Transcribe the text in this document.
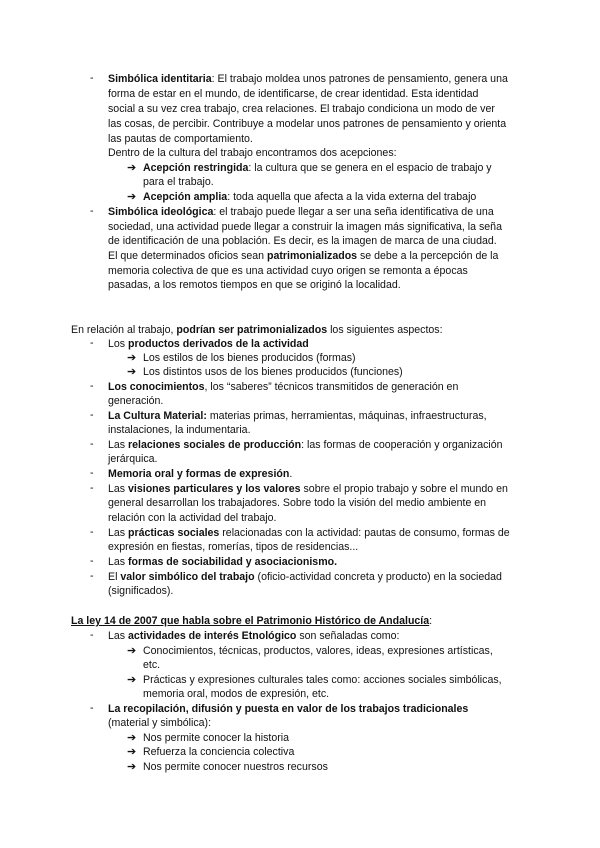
- Simbólica identitaria: El trabajo moldea unos patrones de pensamiento, genera una
forma de estar en el mundo, de identificarse, de crear identidad. Esta identidad
social a su vez crea trabajo, crea relaciones. El trabajo condiciona un modo de ver
las cosas, de percibir. Contribuye a modelar unos patrones de pensamiento y orienta
las pautas de comportamiento.
Dentro de la cultura del trabajo encontramos dos acepciones:
➔ Acepción restringida: la cultura que se genera en el espacio de trabajo y
para el trabajo.
➔ Acepción amplia: toda aquella que afecta a la vida externa del trabajo
- Simbólica ideológica: el trabajo puede llegar a ser una seña identificativa de una
sociedad, una actividad puede llegar a construir la imagen más significativa, la seña
de identificación de una población. Es decir, es la imagen de marca de una ciudad.
El que determinados oficios sean patrimonializados se debe a la percepción de la
memoria colectiva de que es una actividad cuyo origen se remonta a épocas
pasadas, a los remotos tiempos en que se originó la localidad.
En relación al trabajo, podrían ser patrimonializados los siguientes aspectos:
- Los productos derivados de la actividad
➔ Los estilos de los bienes producidos (formas)
➔ Los distintos usos de los bienes producidos (funciones)
- Los conocimientos, los “saberes” técnicos transmitidos de generación en
generación.
- La Cultura Material: materias primas, herramientas, máquinas, infraestructuras,
instalaciones, la indumentaria.
- Las relaciones sociales de producción: las formas de cooperación y organización
jerárquica.
- Memoria oral y formas de expresión.
- Las visiones particulares y los valores sobre el propio trabajo y sobre el mundo en
general desarrollan los trabajadores. Sobre todo la visión del medio ambiente en
relación con la actividad del trabajo.
- Las prácticas sociales relacionadas con la actividad: pautas de consumo, formas de
expresión en fiestas, romerías, tipos de residencias...
- Las formas de sociabilidad y asociacionismo.
- El valor simbólico del trabajo (oficio-actividad concreta y producto) en la sociedad
(significados).
La ley 14 de 2007 que habla sobre el Patrimonio Histórico de Andalucía:
- Las actividades de interés Etnológico son señaladas como:
➔ Conocimientos, técnicas, productos, valores, ideas, expresiones artísticas,
etc.
➔ Prácticas y expresiones culturales tales como: acciones sociales simbólicas,
memoria oral, modos de expresión, etc.
- La recopilación, difusión y puesta en valor de los trabajos tradicionales
(material y simbólica):
➔ Nos permite conocer la historia
➔ Refuerza la conciencia colectiva
➔ Nos permite conocer nuestros recursos
